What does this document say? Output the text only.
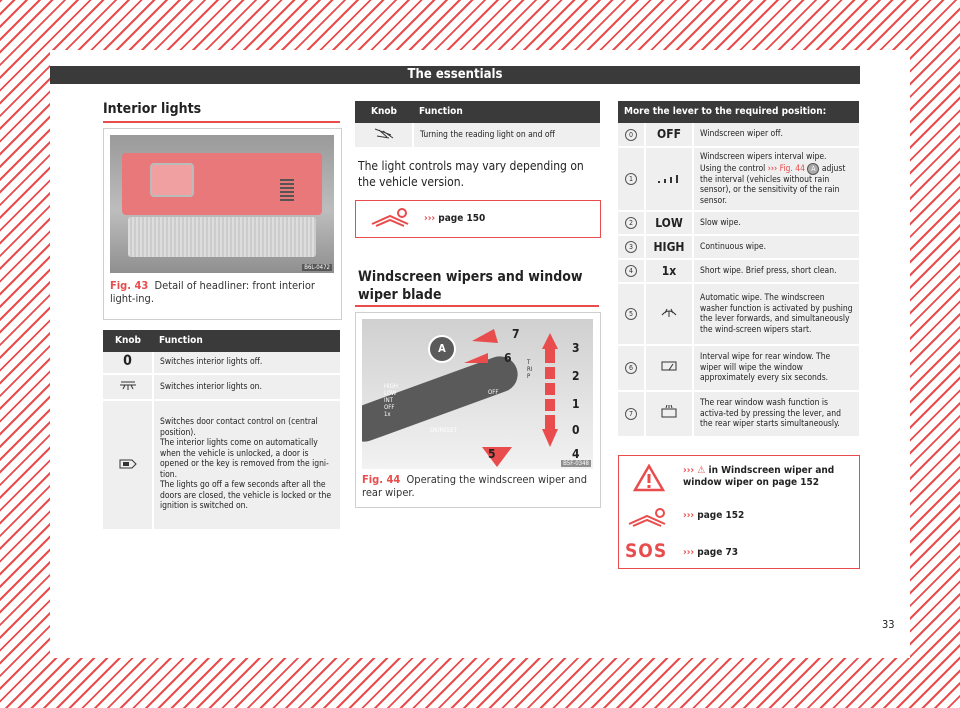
The essentials
Interior lights
B6L-0472
Fig. 43 Detail of headliner: front interior light-ing.
Knob	Function
0	Switches interior lights off.
	Switches interior lights on.
	Switches door contact control on (central position).
The interior lights come on automatically when the vehicle is unlocked, a door is opened or the key is removed from the igni-tion.
The lights go off a few seconds after all the doors are closed, the vehicle is locked or the ignition is switched on.
Knob	Function
	Turning the reading light on and off
The light controls may vary depending on the vehicle version.
››› page 150
Windscreen wipers and window wiper blade
HIGH
LOW
INT
OFF
1x
OK/RESET
OFF
TRIP
A
7
6
3
2
1
0
4
5
B5F-0348
Fig. 44 Operating the windscreen wiper and rear wiper.
More the lever to the required position:		
0	OFF	Windscreen wiper off.
1		Windscreen wipers interval wipe.
Using the control ››› Fig. 44 A adjust the interval (vehicles without rain sensor), or the sensitivity of the rain sensor.
2	LOW	Slow wipe.
3	HIGH	Continuous wipe.
4	1x	Short wipe. Brief press, short clean.
5		Automatic wipe. The windscreen washer function is activated by pushing the lever forwards, and simultaneously the wind-screen wipers start.
6		Interval wipe for rear window. The wiper will wipe the window approximately every six seconds.
7		The rear window wash function is activa-ted by pressing the lever, and the rear wiper starts simultaneously.
››› ⚠ in Windscreen wiper and window wiper on page 152
››› page 152
SOS ››› page 73
33
